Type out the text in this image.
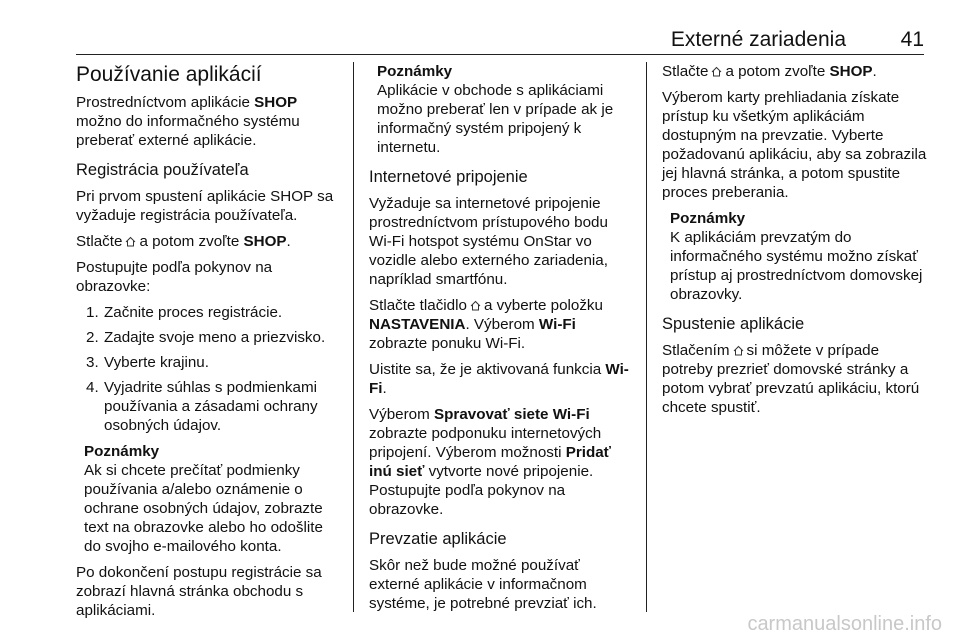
Externé zariadenia	41
Používanie aplikácií

Prostredníctvom aplikácie SHOP možno do informačného systému preberať externé aplikácie.

Registrácia používateľa

Pri prvom spustení aplikácie SHOP sa vyžaduje registrácia používateľa.

Stlačte a potom zvoľte SHOP.

Postupujte podľa pokynov na obrazovke:

1. Začnite proces registrácie.
2. Zadajte svoje meno a priezvisko.
3. Vyberte krajinu.
4. Vyjadrite súhlas s podmienkami používania a zásadami ochrany osobných údajov.
Poznámky
Ak si chcete prečítať podmienky používania a/alebo oznámenie o ochrane osobných údajov, zobrazte text na obrazovke alebo ho odošlite do svojho e-mailového konta.

Po dokončení postupu registrácie sa zobrazí hlavná stránka obchodu s aplikáciami.

Poznámky
Aplikácie v obchode s aplikáciami možno preberať len v prípade ak je informačný systém pripojený k internetu.
Internetové pripojenie

Vyžaduje sa internetové pripojenie prostredníctvom prístupového bodu Wi-Fi hotspot systému OnStar vo vozidle alebo externého zariadenia, napríklad smartfónu.

Stlačte tlačidlo a vyberte položku NASTAVENIA. Výberom Wi-Fi zobrazte ponuku Wi-Fi.

Uistite sa, že je aktivovaná funkcia Wi-Fi.

Výberom Spravovať siete Wi-Fi zobrazte podponuku internetových pripojení. Výberom možnosti Pridať inú sieť vytvorte nové pripojenie. Postupujte podľa pokynov na obrazovke.

Prevzatie aplikácie

Skôr než bude možné používať externé aplikácie v informačnom systéme, je potrebné prevziať ich.

Stlačte a potom zvoľte SHOP.

Výberom karty prehliadania získate prístup ku všetkým aplikáciám dostupným na prevzatie. Vyberte požadovanú aplikáciu, aby sa zobrazila jej hlavná stránka, a potom spustite proces preberania.

Poznámky
K aplikáciám prevzatým do informačného systému možno získať prístup aj prostredníctvom domovskej obrazovky.
Spustenie aplikácie

Stlačením si môžete v prípade potreby prezrieť domovské stránky a potom vybrať prevzatú aplikáciu, ktorú chcete spustiť.

carmanualsonline.info
